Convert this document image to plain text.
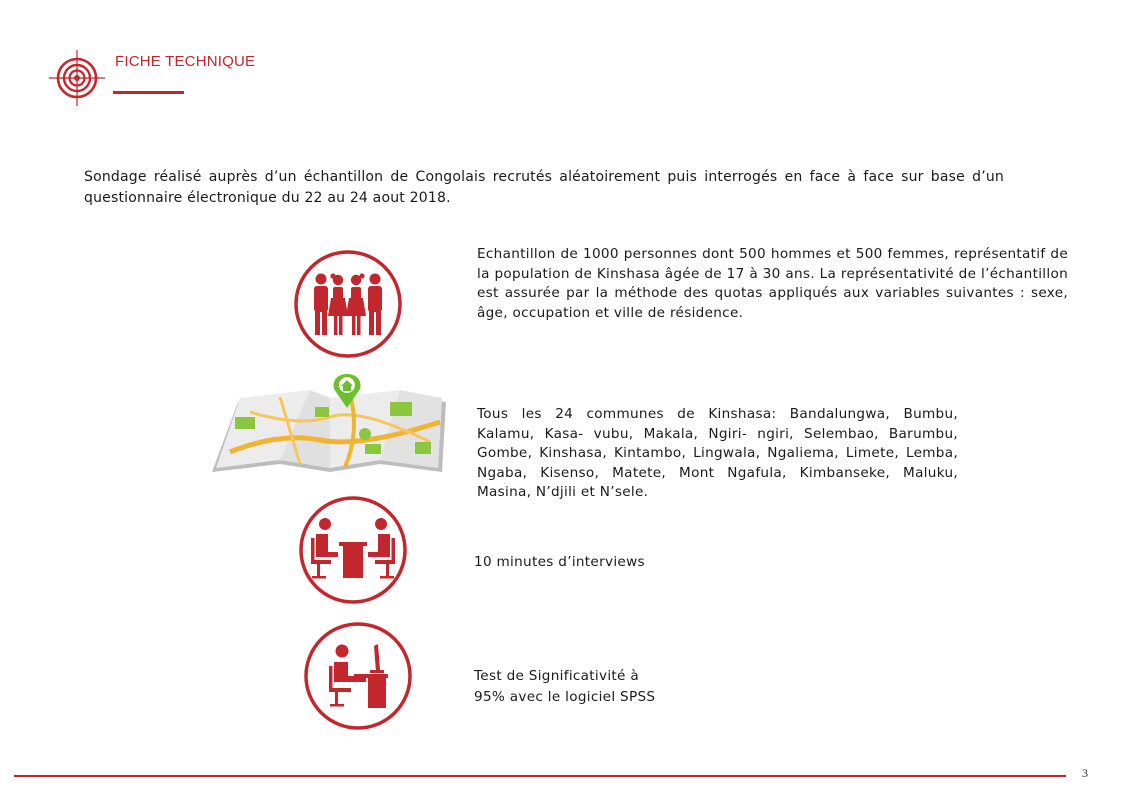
FICHE TECHNIQUE
Sondage réalisé auprès d’un échantillon de Congolais recrutés aléatoirement puis interrogés en face à face sur base d’un questionnaire électronique du 22 au 24 aout 2018.
Echantillon de 1000 personnes dont 500 hommes et 500 femmes, représentatif de la population de Kinshasa âgée de 17 à 30 ans. La représentativité de l’échantillon est assurée par la méthode des quotas appliqués aux variables suivantes : sexe, âge, occupation et ville de résidence.
Tous les 24 communes de Kinshasa: Bandalungwa, Bumbu, Kalamu, Kasa- vubu, Makala, Ngiri- ngiri, Selembao, Barumbu, Gombe, Kinshasa, Kintambo, Lingwala, Ngaliema, Limete, Lemba, Ngaba, Kisenso, Matete, Mont Ngafula, Kimbanseke, Maluku, Masina, N’djili et N’sele.
10 minutes d’interviews
Test de Significativité à
95% avec le logiciel SPSS
3
